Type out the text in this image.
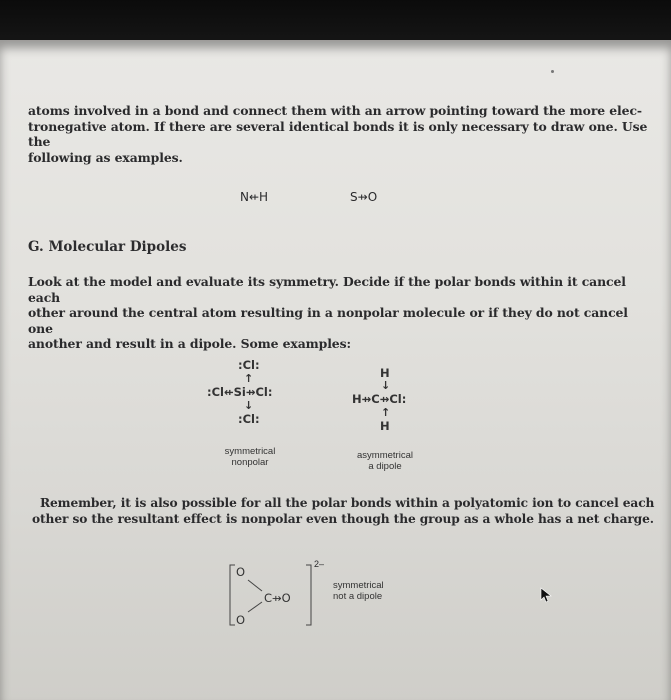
atoms involved in a bond and connect them with an arrow pointing toward the more elec-
tronegative atom. If there are several identical bonds it is only necessary to draw one. Use the
following as examples.
N⇷H	S⇸O
G. Molecular Dipoles
Look at the model and evaluate its symmetry. Decide if the polar bonds within it cancel each
other around the central atom resulting in a nonpolar molecule or if they do not cancel one
another and result in a dipole. Some examples:
:Cl:
↑
:Cl⇷Si⇸Cl:
↓
:Cl:
symmetrical
nonpolar
H
↓
H⇸C⇸Cl:
↑
H
asymmetrical
a dipole
Remember, it is also possible for all the polar bonds within a polyatomic ion to cancel each
other so the resultant effect is nonpolar even though the group as a whole has a net charge.
O
C⇸O
O
2–
symmetrical
not a dipole
